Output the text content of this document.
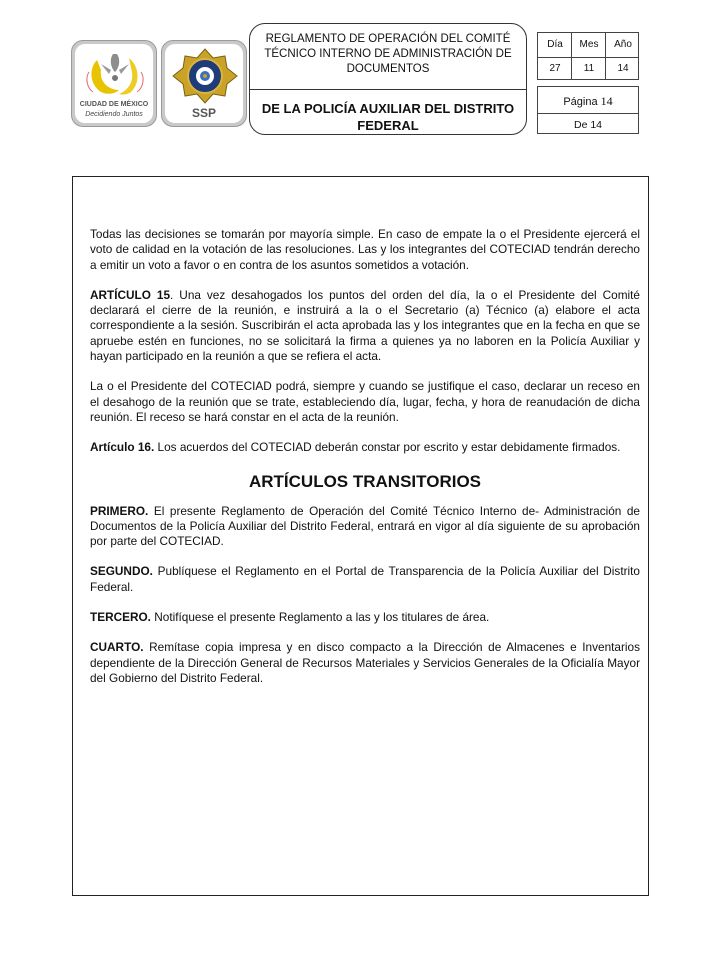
CIUDAD DE MÉXICO
Decidiendo Juntos	SSP
REGLAMENTO DE OPERACIÓN DEL COMITÉ TÉCNICO INTERNO DE ADMINISTRACIÓN DE DOCUMENTOS
DE LA POLICÍA AUXILIAR DEL DISTRITO FEDERAL
Día	Mes	Año
27	11	14
Página 14
De 14

Todas las decisiones se tomarán por mayoría simple. En caso de empate la o el Presidente ejercerá el voto de calidad en la votación de las resoluciones. Las y los integrantes del COTECIAD tendrán derecho a emitir un voto a favor o en contra de los asuntos sometidos a votación.

ARTÍCULO 15. Una vez desahogados los puntos del orden del día, la o el Presidente del Comité declarará el cierre de la reunión, e instruirá a la o el Secretario (a) Técnico (a) elabore el acta correspondiente a la sesión. Suscribirán el acta aprobada las y los integrantes que en la fecha en que se apruebe estén en funciones, no se solicitará la firma a quienes ya no laboren en la Policía Auxiliar y hayan participado en la reunión a que se refiera el acta.

La o el Presidente del COTECIAD podrá, siempre y cuando se justifique el caso, declarar un receso en el desahogo de la reunión que se trate, estableciendo día, lugar, fecha, y hora de reanudación de dicha reunión. El receso se hará constar en el acta de la reunión.

Artículo 16. Los acuerdos del COTECIAD deberán constar por escrito y estar debidamente firmados.

ARTÍCULOS TRANSITORIOS

PRIMERO. El presente Reglamento de Operación del Comité Técnico Interno de- Administración de Documentos de la Policía Auxiliar del Distrito Federal, entrará en vigor al día siguiente de su aprobación por parte del COTECIAD.

SEGUNDO. Publíquese el Reglamento en el Portal de Transparencia de la Policía Auxiliar del Distrito Federal.

TERCERO. Notifíquese el presente Reglamento a las y los titulares de área.

CUARTO. Remítase copia impresa y en disco compacto a la Dirección de Almacenes e Inventarios dependiente de la Dirección General de Recursos Materiales y Servicios Generales de la Oficialía Mayor del Gobierno del Distrito Federal.
